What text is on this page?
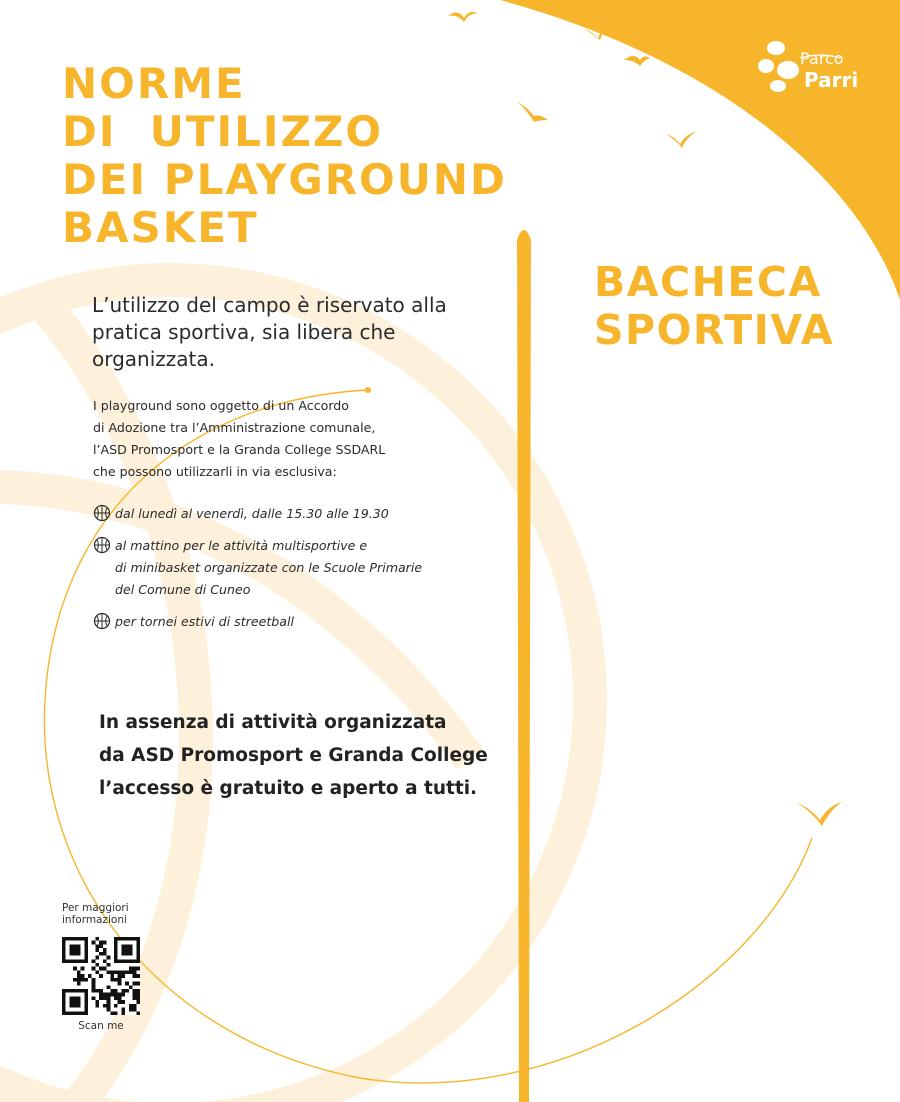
Parco
Parri
NORME
DI  UTILIZZO
DEI PLAYGROUND
BASKET
BACHECA
SPORTIVA
L’utilizzo del campo è riservato alla pratica sportiva, sia libera che organizzata.
I playground sono oggetto di un Accordo
di Adozione tra l’Amministrazione comunale,
l’ASD Promosport e la Granda College SSDARL
che possono utilizzarli in via esclusiva:
dal lunedì al venerdì, dalle 15.30 alle 19.30
al mattino per le attività multisportive e
di minibasket organizzate con le Scuole Primarie
del Comune di Cuneo
per tornei estivi di streetball
In assenza di attività organizzata
da ASD Promosport e Granda College
l’accesso è gratuito e aperto a tutti.
Per maggiori
informazioni
Scan me
